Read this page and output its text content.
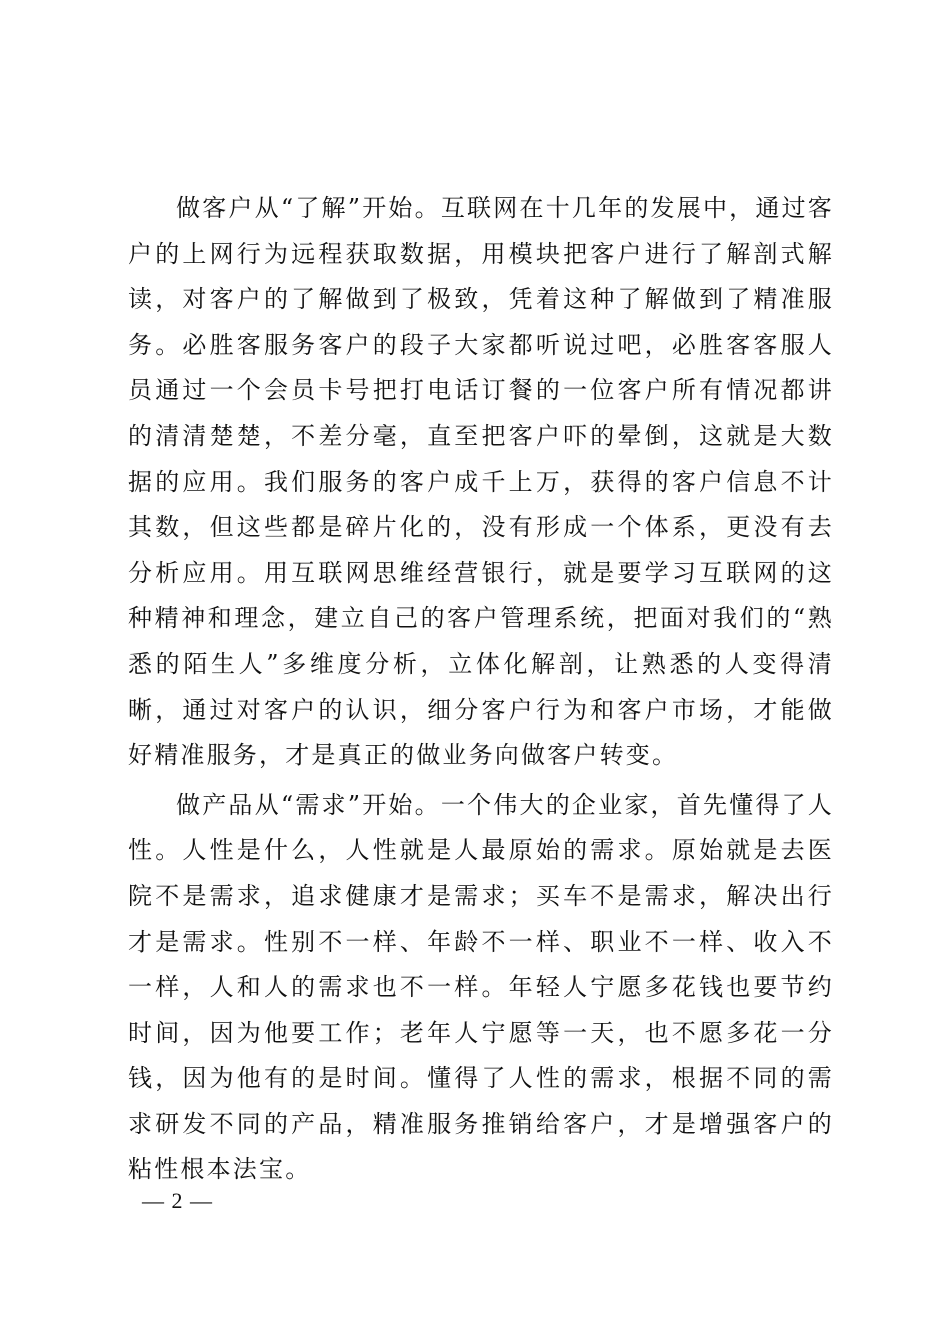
做客户从“了解”开始。互联网在十几年的发展中，通过客户的上网行为远程获取数据，用模块把客户进行了解剖式解读，对客户的了解做到了极致，凭着这种了解做到了精准服务。必胜客服务客户的段子大家都听说过吧，必胜客客服人员通过一个会员卡号把打电话订餐的一位客户所有情况都讲的清清楚楚，不差分毫，直至把客户吓的晕倒，这就是大数据的应用。我们服务的客户成千上万，获得的客户信息不计其数，但这些都是碎片化的，没有形成一个体系，更没有去分析应用。用互联网思维经营银行，就是要学习互联网的这种精神和理念，建立自己的客户管理系统，把面对我们的“熟悉的陌生人”多维度分析，立体化解剖，让熟悉的人变得清晰，通过对客户的认识，细分客户行为和客户市场，才能做好精准服务，才是真正的做业务向做客户转变。

做产品从“需求”开始。一个伟大的企业家，首先懂得了人性。人性是什么，人性就是人最原始的需求。原始就是去医院不是需求，追求健康才是需求；买车不是需求，解决出行才是需求。性别不一样、年龄不一样、职业不一样、收入不一样，人和人的需求也不一样。年轻人宁愿多花钱也要节约时间，因为他要工作；老年人宁愿等一天，也不愿多花一分钱，因为他有的是时间。懂得了人性的需求，根据不同的需求研发不同的产品，精准服务推销给客户，才是增强客户的粘性根本法宝。

— 2 —
